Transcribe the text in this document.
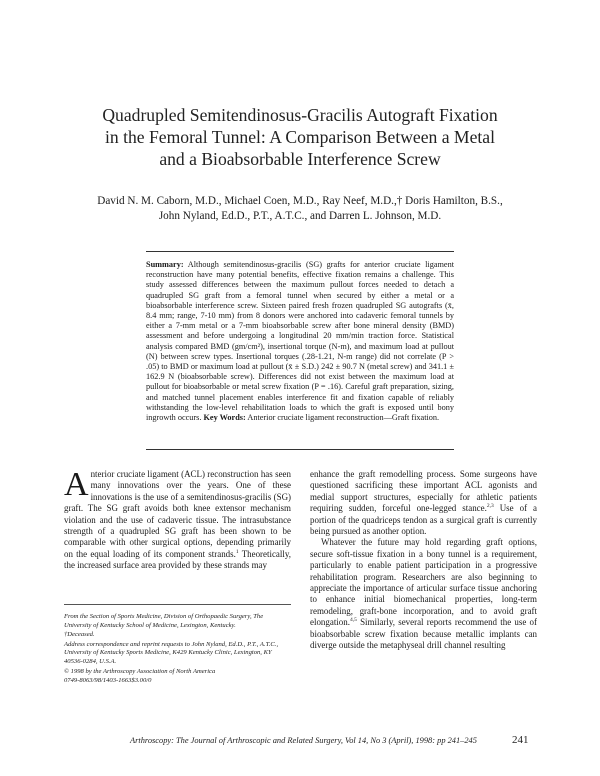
Quadrupled Semitendinosus-Gracilis Autograft Fixation
in the Femoral Tunnel: A Comparison Between a Metal
and a Bioabsorbable Interference Screw
David N. M. Caborn, M.D., Michael Coen, M.D., Ray Neef, M.D.,† Doris Hamilton, B.S.,
John Nyland, Ed.D., P.T., A.T.C., and Darren L. Johnson, M.D.
Summary: Although semitendinosus-gracilis (SG) grafts for anterior cruciate ligament reconstruction have many potential benefits, effective fixation remains a challenge. This study assessed differences between the maximum pullout forces needed to detach a quadrupled SG graft from a femoral tunnel when secured by either a metal or a bioabsorbable interference screw. Sixteen paired fresh frozen quadrupled SG autografts (x̄, 8.4 mm; range, 7-10 mm) from 8 donors were anchored into cadaveric femoral tunnels by either a 7-mm metal or a 7-mm bioabsorbable screw after bone mineral density (BMD) assessment and before undergoing a longitudinal 20 mm/min traction force. Statistical analysis compared BMD (gm/cm²), insertional torque (N-m), and maximum load at pullout (N) between screw types. Insertional torques (.28-1.21, N-m range) did not correlate (P > .05) to BMD or maximum load at pullout (x̄ ± S.D.) 242 ± 90.7 N (metal screw) and 341.1 ± 162.9 N (bioabsorbable screw). Differences did not exist between the maximum load at pullout for bioabsorbable or metal screw fixation (P = .16). Careful graft preparation, sizing, and matched tunnel placement enables interference fit and fixation capable of reliably withstanding the low-level rehabilitation loads to which the graft is exposed until bony ingrowth occurs. Key Words: Anterior cruciate ligament reconstruction—Graft fixation.

Anterior cruciate ligament (ACL) reconstruction has seen many innovations over the years. One of these innovations is the use of a semitendinosus-gracilis (SG) graft. The SG graft avoids both knee extensor mechanism violation and the use of cadaveric tissue. The intrasubstance strength of a quadrupled SG graft has been shown to be comparable with other surgical options, depending primarily on the equal loading of its component strands.$^1$ Theoretically, the increased surface area provided by these strands may

From the Section of Sports Medicine, Division of Orthopaedic Surgery, The University of Kentucky School of Medicine, Lexington, Kentucky.

†Deceased.

Address correspondence and reprint requests to John Nyland, Ed.D., P.T., A.T.C., University of Kentucky Sports Medicine, K429 Kentucky Clinic, Lexington, KY 40536-0284, U.S.A.

© 1998 by the Arthroscopy Association of North America

0749-8063/98/1403-1663$3.00/0

enhance the graft remodelling process. Some surgeons have questioned sacrificing these important ACL agonists and medial support structures, especially for athletic patients requiring sudden, forceful one-legged stance.$^{2,3}$ Use of a portion of the quadriceps tendon as a surgical graft is currently being pursued as another option.

Whatever the future may hold regarding graft options, secure soft-tissue fixation in a bony tunnel is a requirement, particularly to enable patient participation in a progressive rehabilitation program. Researchers are also beginning to appreciate the importance of articular surface tissue anchoring to enhance initial biomechanical properties, long-term remodeling, graft-bone incorporation, and to avoid graft elongation.$^{4,5}$ Similarly, several reports recommend the use of bioabsorbable screw fixation because metallic implants can diverge outside the metaphyseal drill channel resulting

Arthroscopy: The Journal of Arthroscopic and Related Surgery, Vol 14, No 3 (April), 1998: pp 241–245	241
